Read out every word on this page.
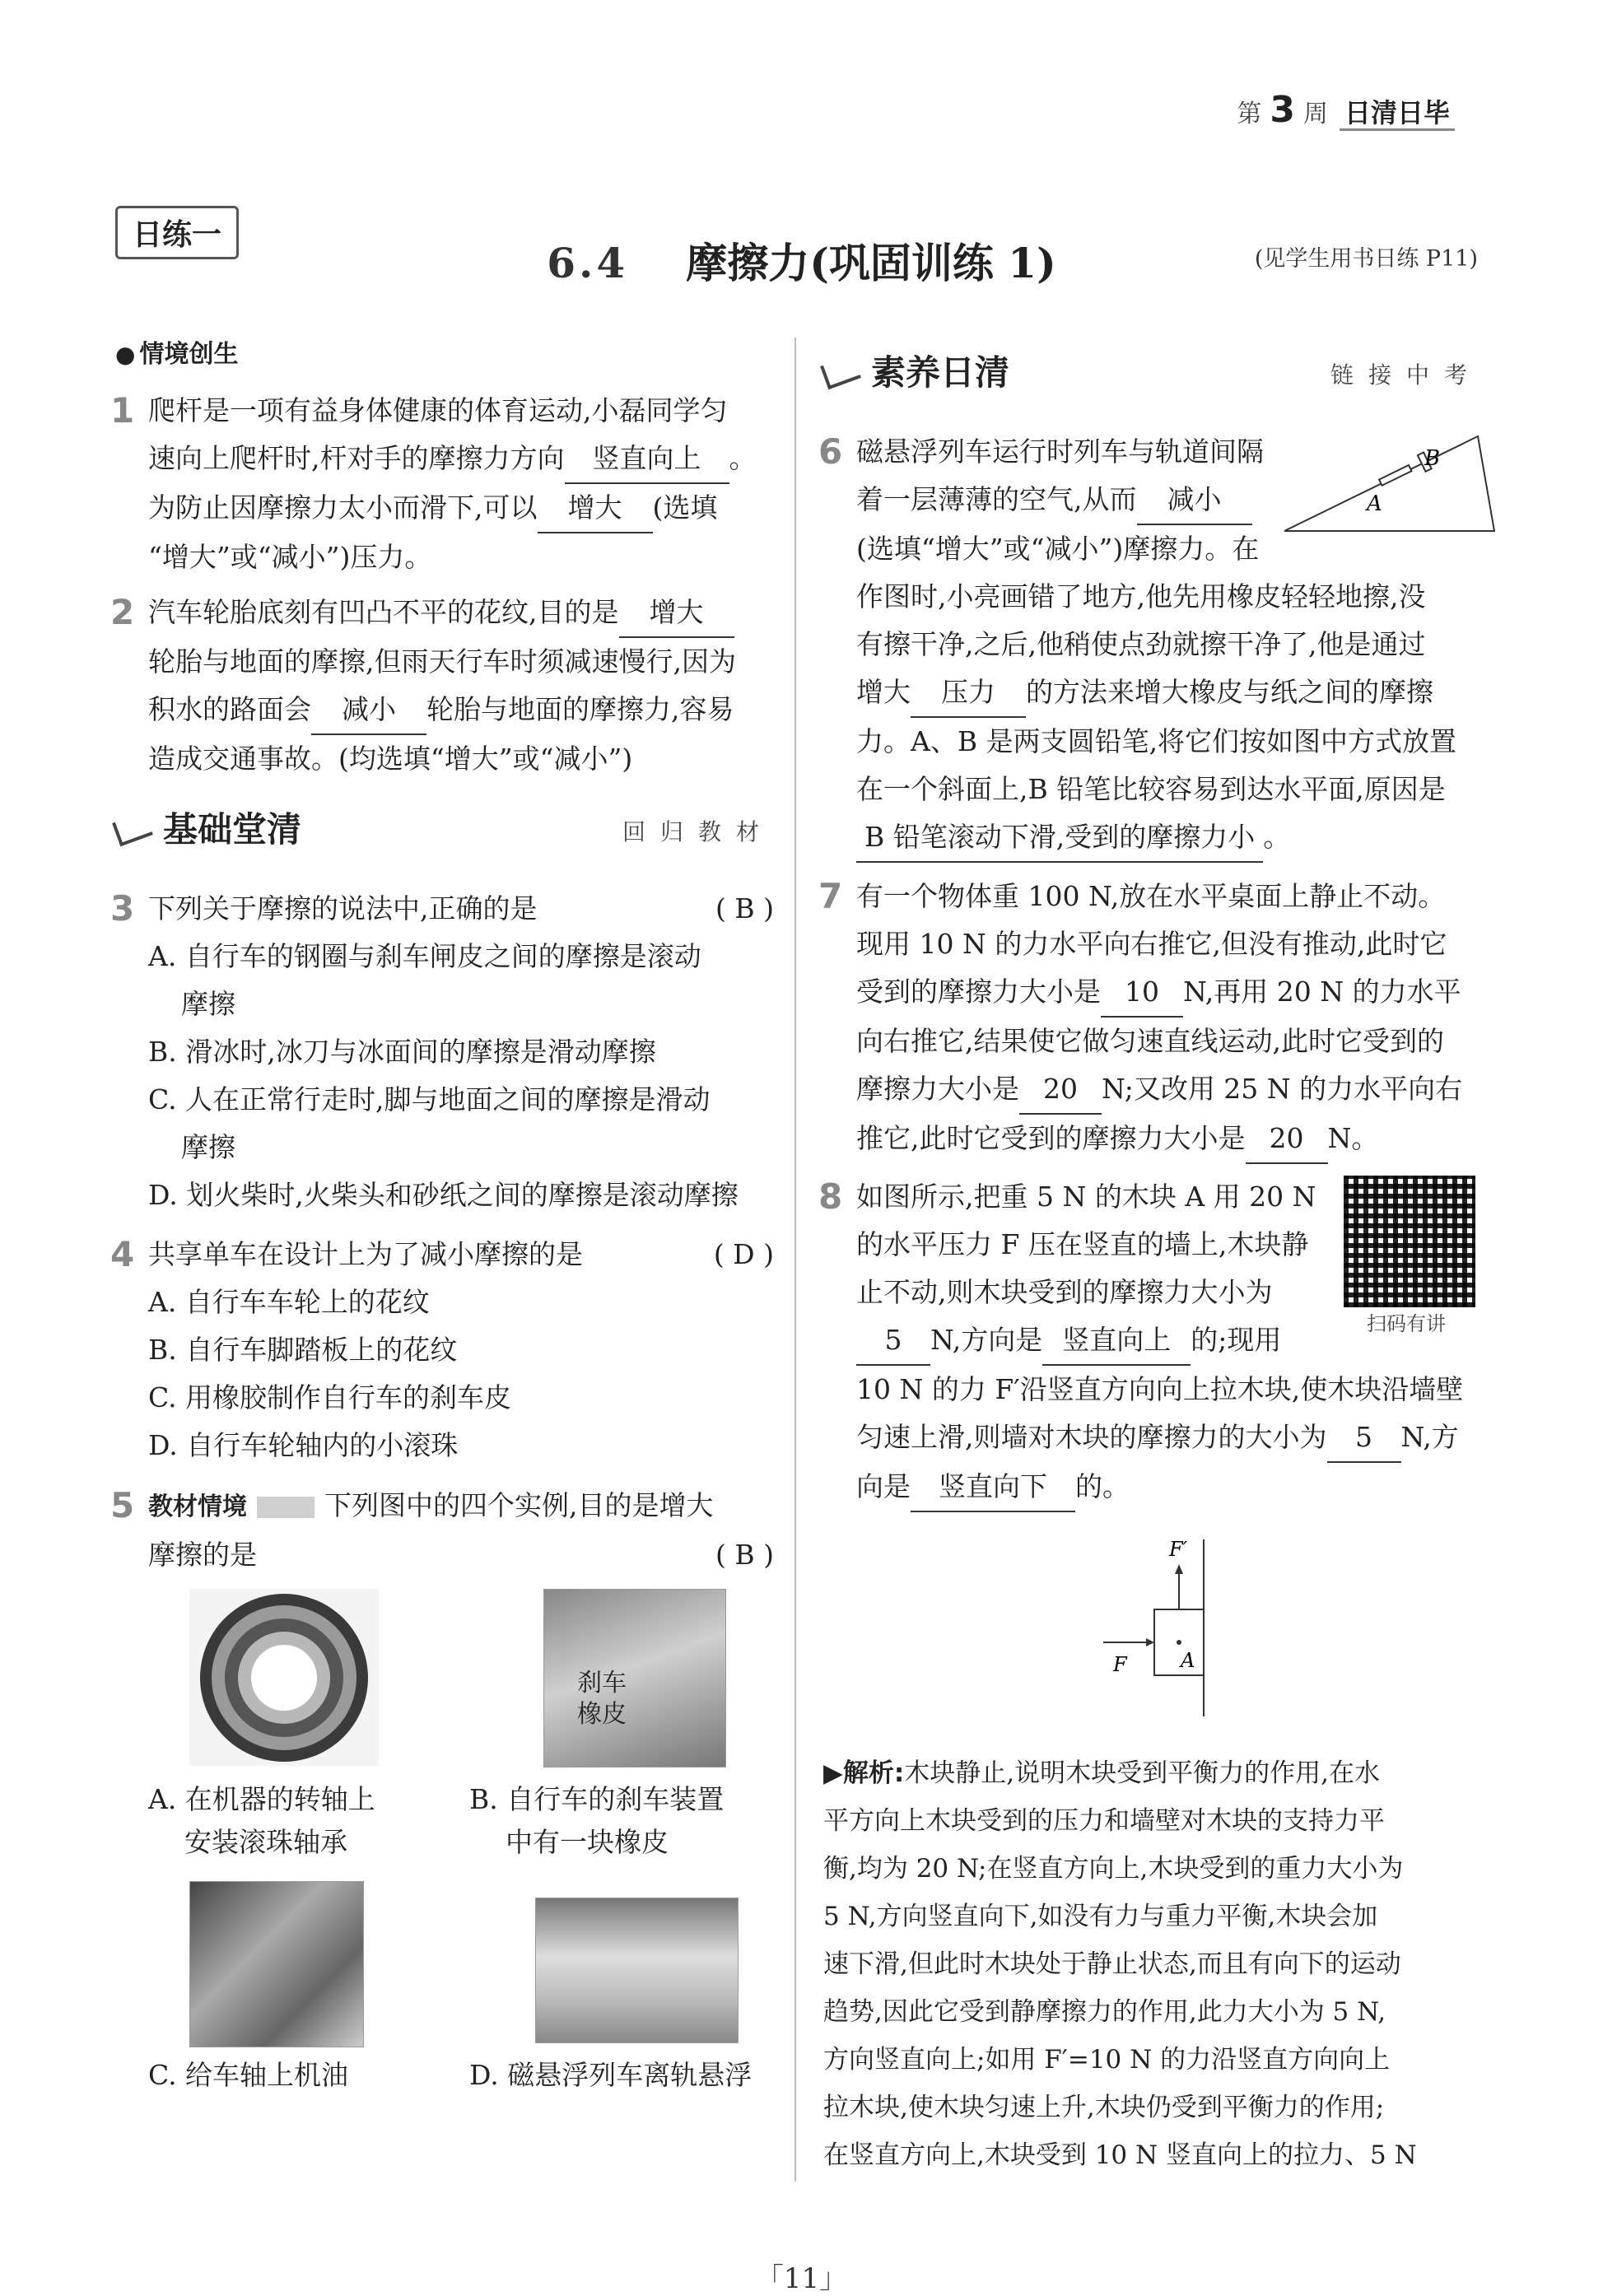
第 3 周 日清日毕
日练一
6.4 摩擦力(巩固训练 1)	(见学生用书日练 P11)
● 情境创生
1 爬杆是一项有益身体健康的体育运动,小磊同学匀
速向上爬杆时,杆对手的摩擦力方向 竖直向上 。
为防止因摩擦力太小而滑下,可以 增大 (选填
“增大”或“减小”)压力。
2 汽车轮胎底刻有凹凸不平的花纹,目的是 增大
轮胎与地面的摩擦,但雨天行车时须减速慢行,因为
积水的路面会 减小 轮胎与地面的摩擦力,容易
造成交通事故。(均选填“增大”或“减小”)
基础堂清	回归教材
3 下列关于摩擦的说法中,正确的是	( B )
A. 自行车的钢圈与刹车闸皮之间的摩擦是滚动
摩擦
B. 滑冰时,冰刀与冰面间的摩擦是滑动摩擦
C. 人在正常行走时,脚与地面之间的摩擦是滑动
摩擦
D. 划火柴时,火柴头和砂纸之间的摩擦是滚动摩擦
4 共享单车在设计上为了减小摩擦的是	( D )
A. 自行车车轮上的花纹
B. 自行车脚踏板上的花纹
C. 用橡胶制作自行车的刹车皮
D. 自行车轮轴内的小滚珠
5 教材情境	下列图中的四个实例,目的是增大
摩擦的是	( B )
刹车
橡皮
A. 在机器的转轴上
安装滚珠轴承
B. 自行车的刹车装置
中有一块橡皮
C. 给车轴上机油	D. 磁悬浮列车离轨悬浮
素养日清	链接中考
6 磁悬浮列车运行时列车与轨道间隔
着一层薄薄的空气,从而 减小
(选填“增大”或“减小”)摩擦力。在
作图时,小亮画错了地方,他先用橡皮轻轻地擦,没
有擦干净,之后,他稍使点劲就擦干净了,他是通过
增大 压力 的方法来增大橡皮与纸之间的摩擦
力。A、B 是两支圆铅笔,将它们按如图中方式放置
在一个斜面上,B 铅笔比较容易到达水平面,原因是
B 铅笔滚动下滑,受到的摩擦力小 。
A
B
7 有一个物体重 100 N,放在水平桌面上静止不动。
现用 10 N 的力水平向右推它,但没有推动,此时它
受到的摩擦力大小是 10 N,再用 20 N 的力水平
向右推它,结果使它做匀速直线运动,此时它受到的
摩擦力大小是 20 N;又改用 25 N 的力水平向右
推它,此时它受到的摩擦力大小是 20 N。
8 如图所示,把重 5 N 的木块 A 用 20 N
的水平压力 F 压在竖直的墙上,木块静
止不动,则木块受到的摩擦力大小为
5 N,方向是 竖直向上 的;现用
10 N 的力 F′沿竖直方向向上拉木块,使木块沿墙壁
匀速上滑,则墙对木块的摩擦力的大小为 5 N,方
向是 竖直向下 的。
扫码有讲
F
F′
A
▶解析:木块静止,说明木块受到平衡力的作用,在水
平方向上木块受到的压力和墙壁对木块的支持力平
衡,均为 20 N;在竖直方向上,木块受到的重力大小为
5 N,方向竖直向下,如没有力与重力平衡,木块会加
速下滑,但此时木块处于静止状态,而且有向下的运动
趋势,因此它受到静摩擦力的作用,此力大小为 5 N,
方向竖直向上;如用 F′=10 N 的力沿竖直方向向上
拉木块,使木块匀速上升,木块仍受到平衡力的作用;
在竖直方向上,木块受到 10 N 竖直向上的拉力、5 N
「11」
